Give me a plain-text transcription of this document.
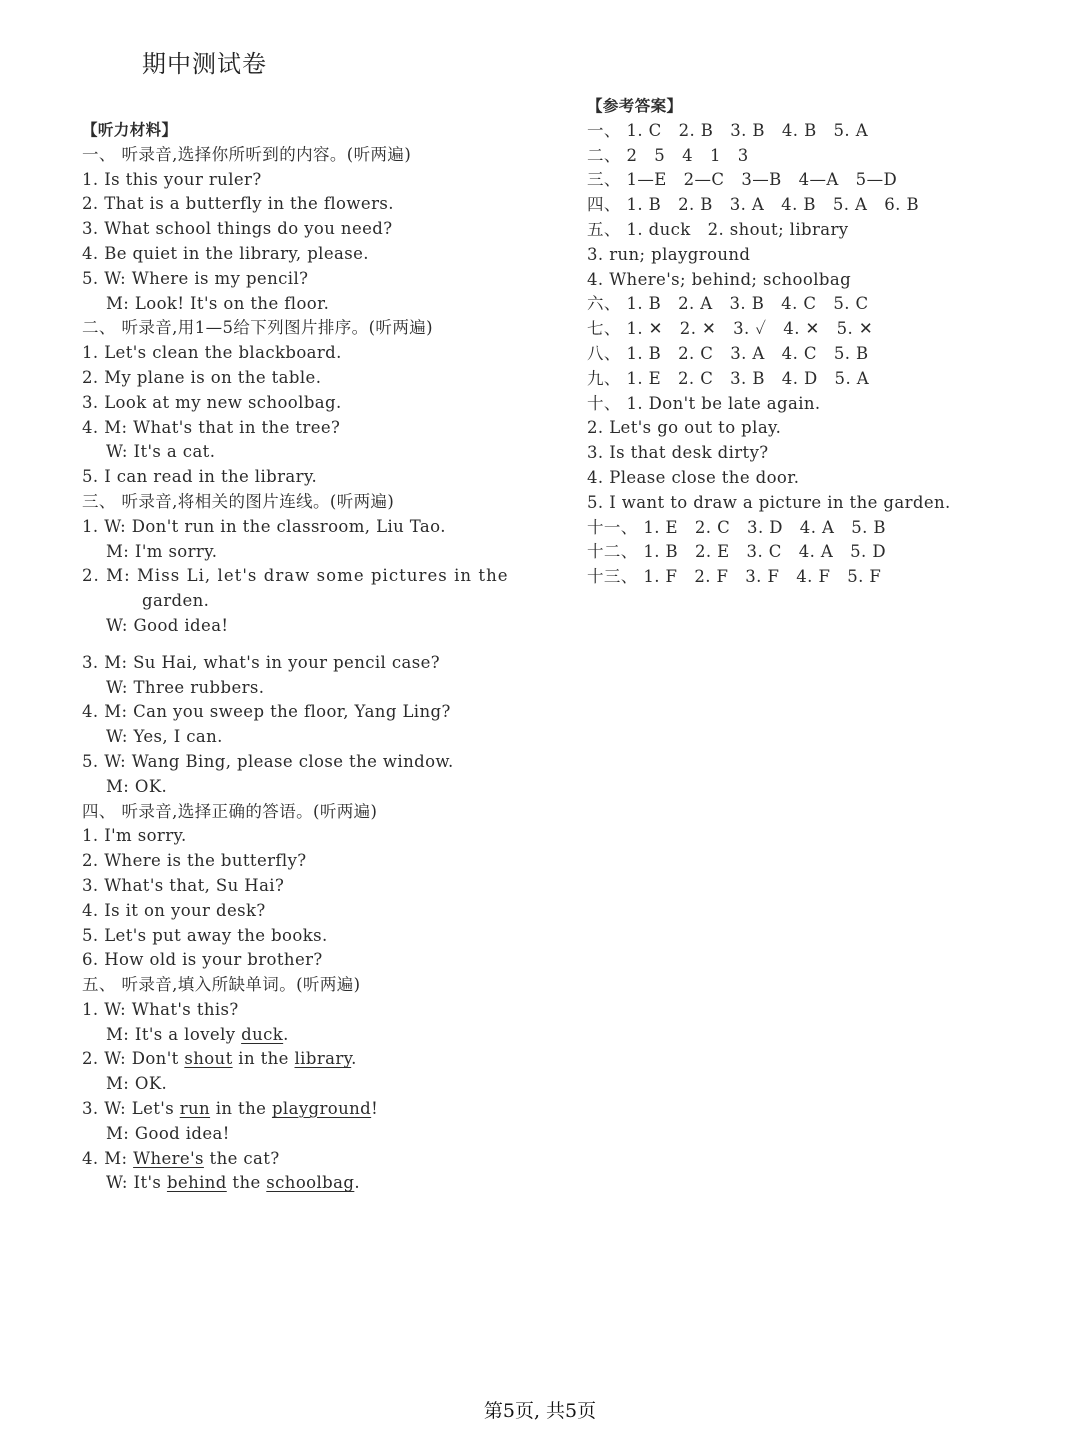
期中测试卷
【听力材料】
一、 听录音,选择你所听到的内容。(听两遍)
1. Is this your ruler?
2. That is a butterfly in the flowers.
3. What school things do you need?
4. Be quiet in the library, please.
5. W: Where is my pencil?
M: Look! It's on the floor.
二、 听录音,用1—5给下列图片排序。(听两遍)
1. Let's clean the blackboard.
2. My plane is on the table.
3. Look at my new schoolbag.
4. M: What's that in the tree?
W: It's a cat.
5. I can read in the library.
三、 听录音,将相关的图片连线。(听两遍)
1. W: Don't run in the classroom, Liu Tao.
M: I'm sorry.
2. M: Miss Li, let's draw some pictures in the
garden.
W: Good idea!
3. M: Su Hai, what's in your pencil case?
W: Three rubbers.
4. M: Can you sweep the floor, Yang Ling?
W: Yes, I can.
5. W: Wang Bing, please close the window.
M: OK.
四、 听录音,选择正确的答语。(听两遍)
1. I'm sorry.
2. Where is the butterfly?
3. What's that, Su Hai?
4. Is it on your desk?
5. Let's put away the books.
6. How old is your brother?
五、 听录音,填入所缺单词。(听两遍)
1. W: What's this?
M: It's a lovely duck.
2. W: Don't shout in the library.
M: OK.
3. W: Let's run in the playground!
M: Good idea!
4. M: Where's the cat?
W: It's behind the schoolbag.
【参考答案】
一、 1. C   2. B   3. B   4. B   5. A
二、 2   5   4   1   3
三、 1—E   2—C   3—B   4—A   5—D
四、 1. B   2. B   3. A   4. B   5. A   6. B
五、 1. duck   2. shout; library
3. run; playground
4. Where's; behind; schoolbag
六、 1. B   2. A   3. B   4. C   5. C
七、 1. ✕   2. ✕   3. ✓   4. ✕   5. ✕
八、 1. B   2. C   3. A   4. C   5. B
九、 1. E   2. C   3. B   4. D   5. A
十、 1. Don't be late again.
2. Let's go out to play.
3. Is that desk dirty?
4. Please close the door.
5. I want to draw a picture in the garden.
十一、 1. E   2. C   3. D   4. A   5. B
十二、 1. B   2. E   3. C   4. A   5. D
十三、 1. F   2. F   3. F   4. F   5. F
第5页, 共5页
